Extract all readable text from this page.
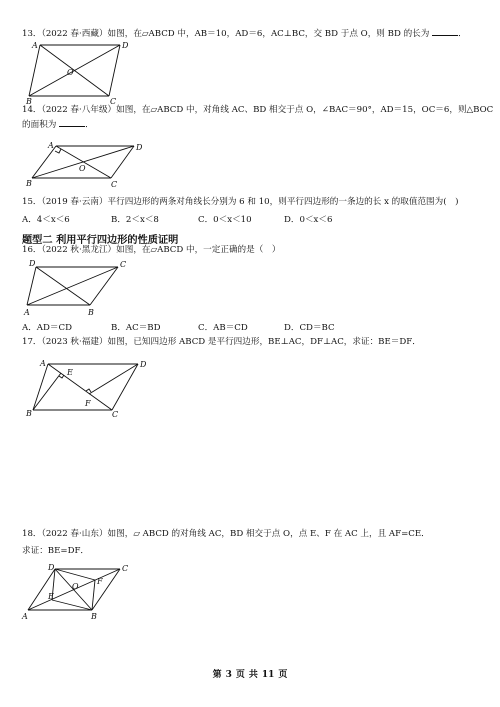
13．（2022 春·西藏）如图，在▱ABCD 中，AB＝10，AD＝6，AC⊥BC，交 BD 于点 O，则 BD 的长为	．
A	D
B	C
O
14．（2022 春·八年级）如图，在▱ABCD 中，对角线 AC、BD 相交于点 O，∠BAC＝90°，AD＝15，OC＝6，则△BOC
的面积为	．
A	D
B	C
O
15．（2019 春·云南）平行四边形的两条对角线长分别为 6 和 10，则平行四边形的一条边的长 x 的取值范围为(　)
A．4＜x＜6	B．2＜x＜8	C．0＜x＜10	D．0＜x＜6
题型二 利用平行四边形的性质证明
16．（2022 秋·黑龙江）如图，在▱ABCD 中，一定正确的是（　）
D	C
A	B
A．AD＝CD	B．AC＝BD	C．AB＝CD	D．CD＝BC
17．（2023 秋·福建）如图，已知四边形 ABCD 是平行四边形，BE⊥AC，DF⊥AC，求证：BE＝DF．
A	D
B	C
E
F
18．（2022 春·山东）如图，▱ ABCD 的对角线 AC，BD 相交于点 O，点 E、F 在 AC 上，且 AF=CE．
求证：BE=DF．
D	C
A	B
E
F
O
第 3 页 共 11 页
